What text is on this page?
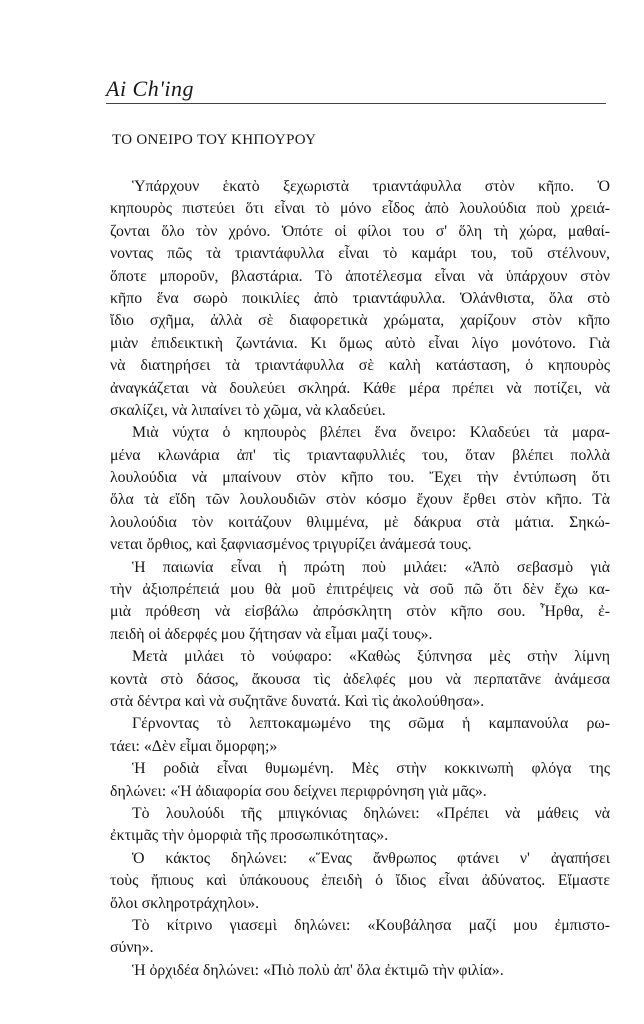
Ai Ch'ing
ΤΟ ΟΝΕΙΡΟ ΤΟΥ ΚΗΠΟΥΡΟΥ
Ὑπάρχουν ἑκατὸ ξεχωριστὰ τριαντάφυλλα στὸν κῆπο. Ὁ
κηπουρὸς πιστεύει ὅτι εἶναι τὸ μόνο εἶδος ἀπὸ λουλούδια ποὺ χρειά-
ζονται ὅλο τὸν χρόνο. Ὁπότε οἱ φίλοι του σ' ὅλη τὴ χώρα, μαθαί-
νοντας πῶς τὰ τριαντάφυλλα εἶναι τὸ καμάρι του, τοῦ στέλνουν,
ὅποτε μποροῦν, βλαστάρια. Τὸ ἀποτέλεσμα εἶναι νὰ ὑπάρχουν στὸν
κῆπο ἕνα σωρὸ ποικιλίες ἀπὸ τριαντάφυλλα. Ὁλάνθιστα, ὅλα στὸ
ἴδιο σχῆμα, ἀλλὰ σὲ διαφορετικὰ χρώματα, χαρίζουν στὸν κῆπο
μιὰν ἐπιδεικτικὴ ζωντάνια. Κι ὅμως αὐτὸ εἶναι λίγο μονότονο. Γιὰ
νὰ διατηρήσει τὰ τριαντάφυλλα σὲ καλὴ κατάσταση, ὁ κηπουρὸς
ἀναγκάζεται νὰ δουλεύει σκληρά. Κάθε μέρα πρέπει νὰ ποτίζει, νὰ
σκαλίζει, νὰ λιπαίνει τὸ χῶμα, νὰ κλαδεύει.
Μιὰ νύχτα ὁ κηπουρὸς βλέπει ἕνα ὄνειρο: Κλαδεύει τὰ μαρα-
μένα κλωνάρια ἀπ' τὶς τριανταφυλλιές του, ὅταν βλέπει πολλὰ
λουλούδια νὰ μπαίνουν στὸν κῆπο του. Ἔχει τὴν ἐντύπωση ὅτι
ὅλα τὰ εἴδη τῶν λουλουδιῶν στὸν κόσμο ἔχουν ἔρθει στὸν κῆπο. Τὰ
λουλούδια τὸν κοιτάζουν θλιμμένα, μὲ δάκρυα στὰ μάτια. Σηκώ-
νεται ὄρθιος, καὶ ξαφνιασμένος τριγυρίζει ἀνάμεσά τους.
Ἡ παιωνία εἶναι ἡ πρώτη ποὺ μιλάει: «Ἀπὸ σεβασμὸ γιὰ
τὴν ἀξιοπρέπειά μου θὰ μοῦ ἐπιτρέψεις νὰ σοῦ πῶ ὅτι δὲν ἔχω κα-
μιὰ πρόθεση νὰ εἰσβάλω ἀπρόσκλητη στὸν κῆπο σου. Ἦρθα, ἐ-
πειδὴ οἱ ἀδερφές μου ζήτησαν νὰ εἶμαι μαζί τους».
Μετὰ μιλάει τὸ νούφαρο: «Καθὼς ξύπνησα μὲς στὴν λίμνη
κοντὰ στὸ δάσος, ἄκουσα τὶς ἀδελφές μου νὰ περπατᾶνε ἀνάμεσα
στὰ δέντρα καὶ νὰ συζητᾶνε δυνατά. Καὶ τὶς ἀκολούθησα».
Γέρνοντας τὸ λεπτοκαμωμένο της σῶμα ἡ καμπανούλα ρω-
τάει: «Δὲν εἶμαι ὄμορφη;»
Ἡ ροδιὰ εἶναι θυμωμένη. Μὲς στὴν κοκκινωπὴ φλόγα της
δηλώνει: «Ἡ ἀδιαφορία σου δείχνει περιφρόνηση γιὰ μᾶς».
Τὸ λουλούδι τῆς μπιγκόνιας δηλώνει: «Πρέπει νὰ μάθεις νὰ
ἐκτιμᾶς τὴν ὀμορφιὰ τῆς προσωπικότητας».
Ὁ κάκτος δηλώνει: «Ἕνας ἄνθρωπος φτάνει ν' ἀγαπήσει
τοὺς ἤπιους καὶ ὑπάκουους ἐπειδὴ ὁ ἴδιος εἶναι ἀδύνατος. Εἴμαστε
ὅλοι σκληροτράχηλοι».
Τὸ κίτρινο γιασεμὶ δηλώνει: «Κουβάλησα μαζί μου ἐμπιστο-
σύνη».
Ἡ ὀρχιδέα δηλώνει: «Πιὸ πολὺ ἀπ' ὅλα ἐκτιμῶ τὴν φιλία».
